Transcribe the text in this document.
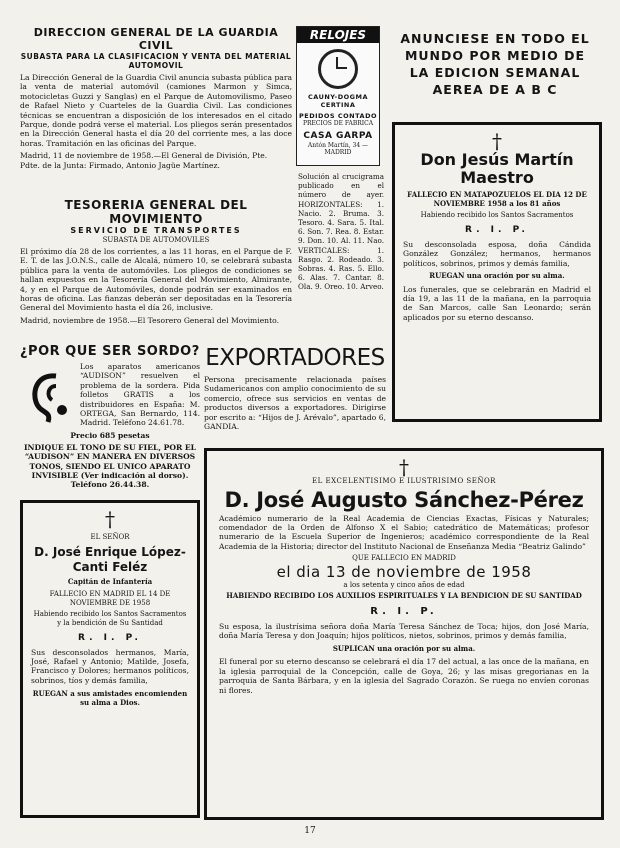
DIRECCION GENERAL DE LA GUARDIA CIVIL
SUBASTA PARA LA CLASIFICACION Y VENTA DEL MATERIAL AUTOMOVIL
La Dirección General de la Guardia Civil anuncia subasta pública para la venta de material automóvil (camiones Marmon y Simca, motocicletas Guzzi y Sanglas) en el Parque de Automovilismo, Paseo de Rafael Nieto y Cuarteles de la Guardia Civil. Las condiciones técnicas se encuentran a disposición de los interesados en el citado Parque, donde podrá verse el material. Los pliegos serán presentados en la Dirección General hasta el día 20 del corriente mes, a las doce horas. Tramitación en las oficinas del Parque.
Madrid, 11 de noviembre de 1958.—El General de División, Pte.
Pdte. de la Junta: Firmado, Antonio Jagüe Martínez.
RELOJES
CAUNY-DOGMA CERTINA
PEDIDOS CONTADO
PRECIOS DE FABRICA
CASA GARPA
Antón Martín, 34 — MADRID
ANUNCIESE EN TODO EL
MUNDO POR MEDIO DE
LA EDICION SEMANAL
AEREA DE A B C
†
Don Jesús Martín
Maestro
FALLECIO EN MATAPOZUELOS EL DIA 12 DE NOVIEMBRE 1958 a los 81 años
Habiendo recibido los Santos Sacramentos
R. I. P.
Su desconsolada esposa, doña Cándida González González; hermanos, hermanos políticos, sobrinos, primos y demás familia,
RUEGAN una oración por su alma.
Los funerales, que se celebrarán en Madrid el día 19, a las 11 de la mañana, en la parroquia de San Marcos, calle San Leonardo; serán aplicados por su eterno descanso.
TESORERIA GENERAL DEL MOVIMIENTO
SERVICIO DE TRANSPORTES
SUBASTA DE AUTOMOVILES
El próximo día 28 de los corrientes, a las 11 horas, en el Parque de F. E. T. de las J.O.N.S., calle de Alcalá, número 10, se celebrará subasta pública para la venta de automóviles. Los pliegos de condiciones se hallan expuestos en la Tesorería General del Movimiento, Almirante, 4, y en el Parque de Automóviles, donde podrán ser examinados en horas de oficina. Las fianzas deberán ser depositadas en la Tesorería General del Movimiento hasta el día 26, inclusive.
Madrid, noviembre de 1958.—El Tesorero General del Movimiento.
Solución al crucigrama publicado en el número de ayer. HORIZONTALES: 1. Nacio. 2. Bruma. 3. Tesoro. 4. Sara. 5. Ital. 6. Son. 7. Rea. 8. Estar. 9. Don. 10. Al. 11. Nao. VERTICALES: 1. Rasgo. 2. Rodeado. 3. Sobras. 4. Ras. 5. Ello. 6. Alas. 7. Cantar. 8. Ola. 9. Oreo. 10. Arveo.
¿POR QUE SER SORDO?
Los aparatos americanos “AUDISON” resuelven el problema de la sordera. Pida folletos GRATIS a los distribuidores en España: M. ORTEGA, San Bernardo, 114. Madrid. Teléfono 24.61.78.
Precio 685 pesetas
INDIQUE EL TONO DE SU FIEL, POR EL “AUDISON” EN MANERA EN DIVERSOS TONOS, SIENDO EL UNICO APARATO INVISIBLE (Ver indicación al dorso). Teléfono 26.44.38.
EXPORTADORES
Persona precisamente relacionada países Sudamericanos con amplio conocimiento de su comercio, ofrece sus servicios en ventas de productos diversos a exportadores. Dirigirse por escrito a: “Hijos de J. Arévalo”, apartado 6, GANDIA.
†
EL SEÑOR
D. José Enrique López-
Canti Feléz
Capitán de Infantería
FALLECIO EN MADRID EL 14 DE NOVIEMBRE DE 1958
Habiendo recibido los Santos Sacramentos y la bendición de Su Santidad
R. I. P.
Sus desconsolados hermanos, María, José, Rafael y Antonio; Matilde, Josefa, Francisco y Dolores; hermanos políticos, sobrinos, tíos y demás familia,
RUEGAN a sus amistades encomienden su alma a Dios.
†
EL EXCELENTISIMO E ILUSTRISIMO SEÑOR
D. José Augusto Sánchez-Pérez
Académico numerario de la Real Academia de Ciencias Exactas, Físicas y Naturales; comendador de la Orden de Alfonso X el Sabio; catedrático de Matemáticas; profesor numerario de la Escuela Superior de Ingenieros; académico correspondiente de la Real Academia de la Historia; director del Instituto Nacional de Enseñanza Media “Beatriz Galindo”
QUE FALLECIO EN MADRID
el dia 13 de noviembre de 1958
a los setenta y cinco años de edad
HABIENDO RECIBIDO LOS AUXILIOS ESPIRITUALES Y LA BENDICION DE SU SANTIDAD
R. I. P.
Su esposa, la ilustrísima señora doña María Teresa Sánchez de Toca; hijos, don José María, doña María Teresa y don Joaquín; hijos políticos, nietos, sobrinos, primos y demás familia,
SUPLICAN una oración por su alma.
El funeral por su eterno descanso se celebrará el día 17 del actual, a las once de la mañana, en la iglesia parroquial de la Concepción, calle de Goya, 26; y las misas gregorianas en la parroquia de Santa Bárbara, y en la iglesia del Sagrado Corazón. Se ruega no envíen coronas ni flores.
17
